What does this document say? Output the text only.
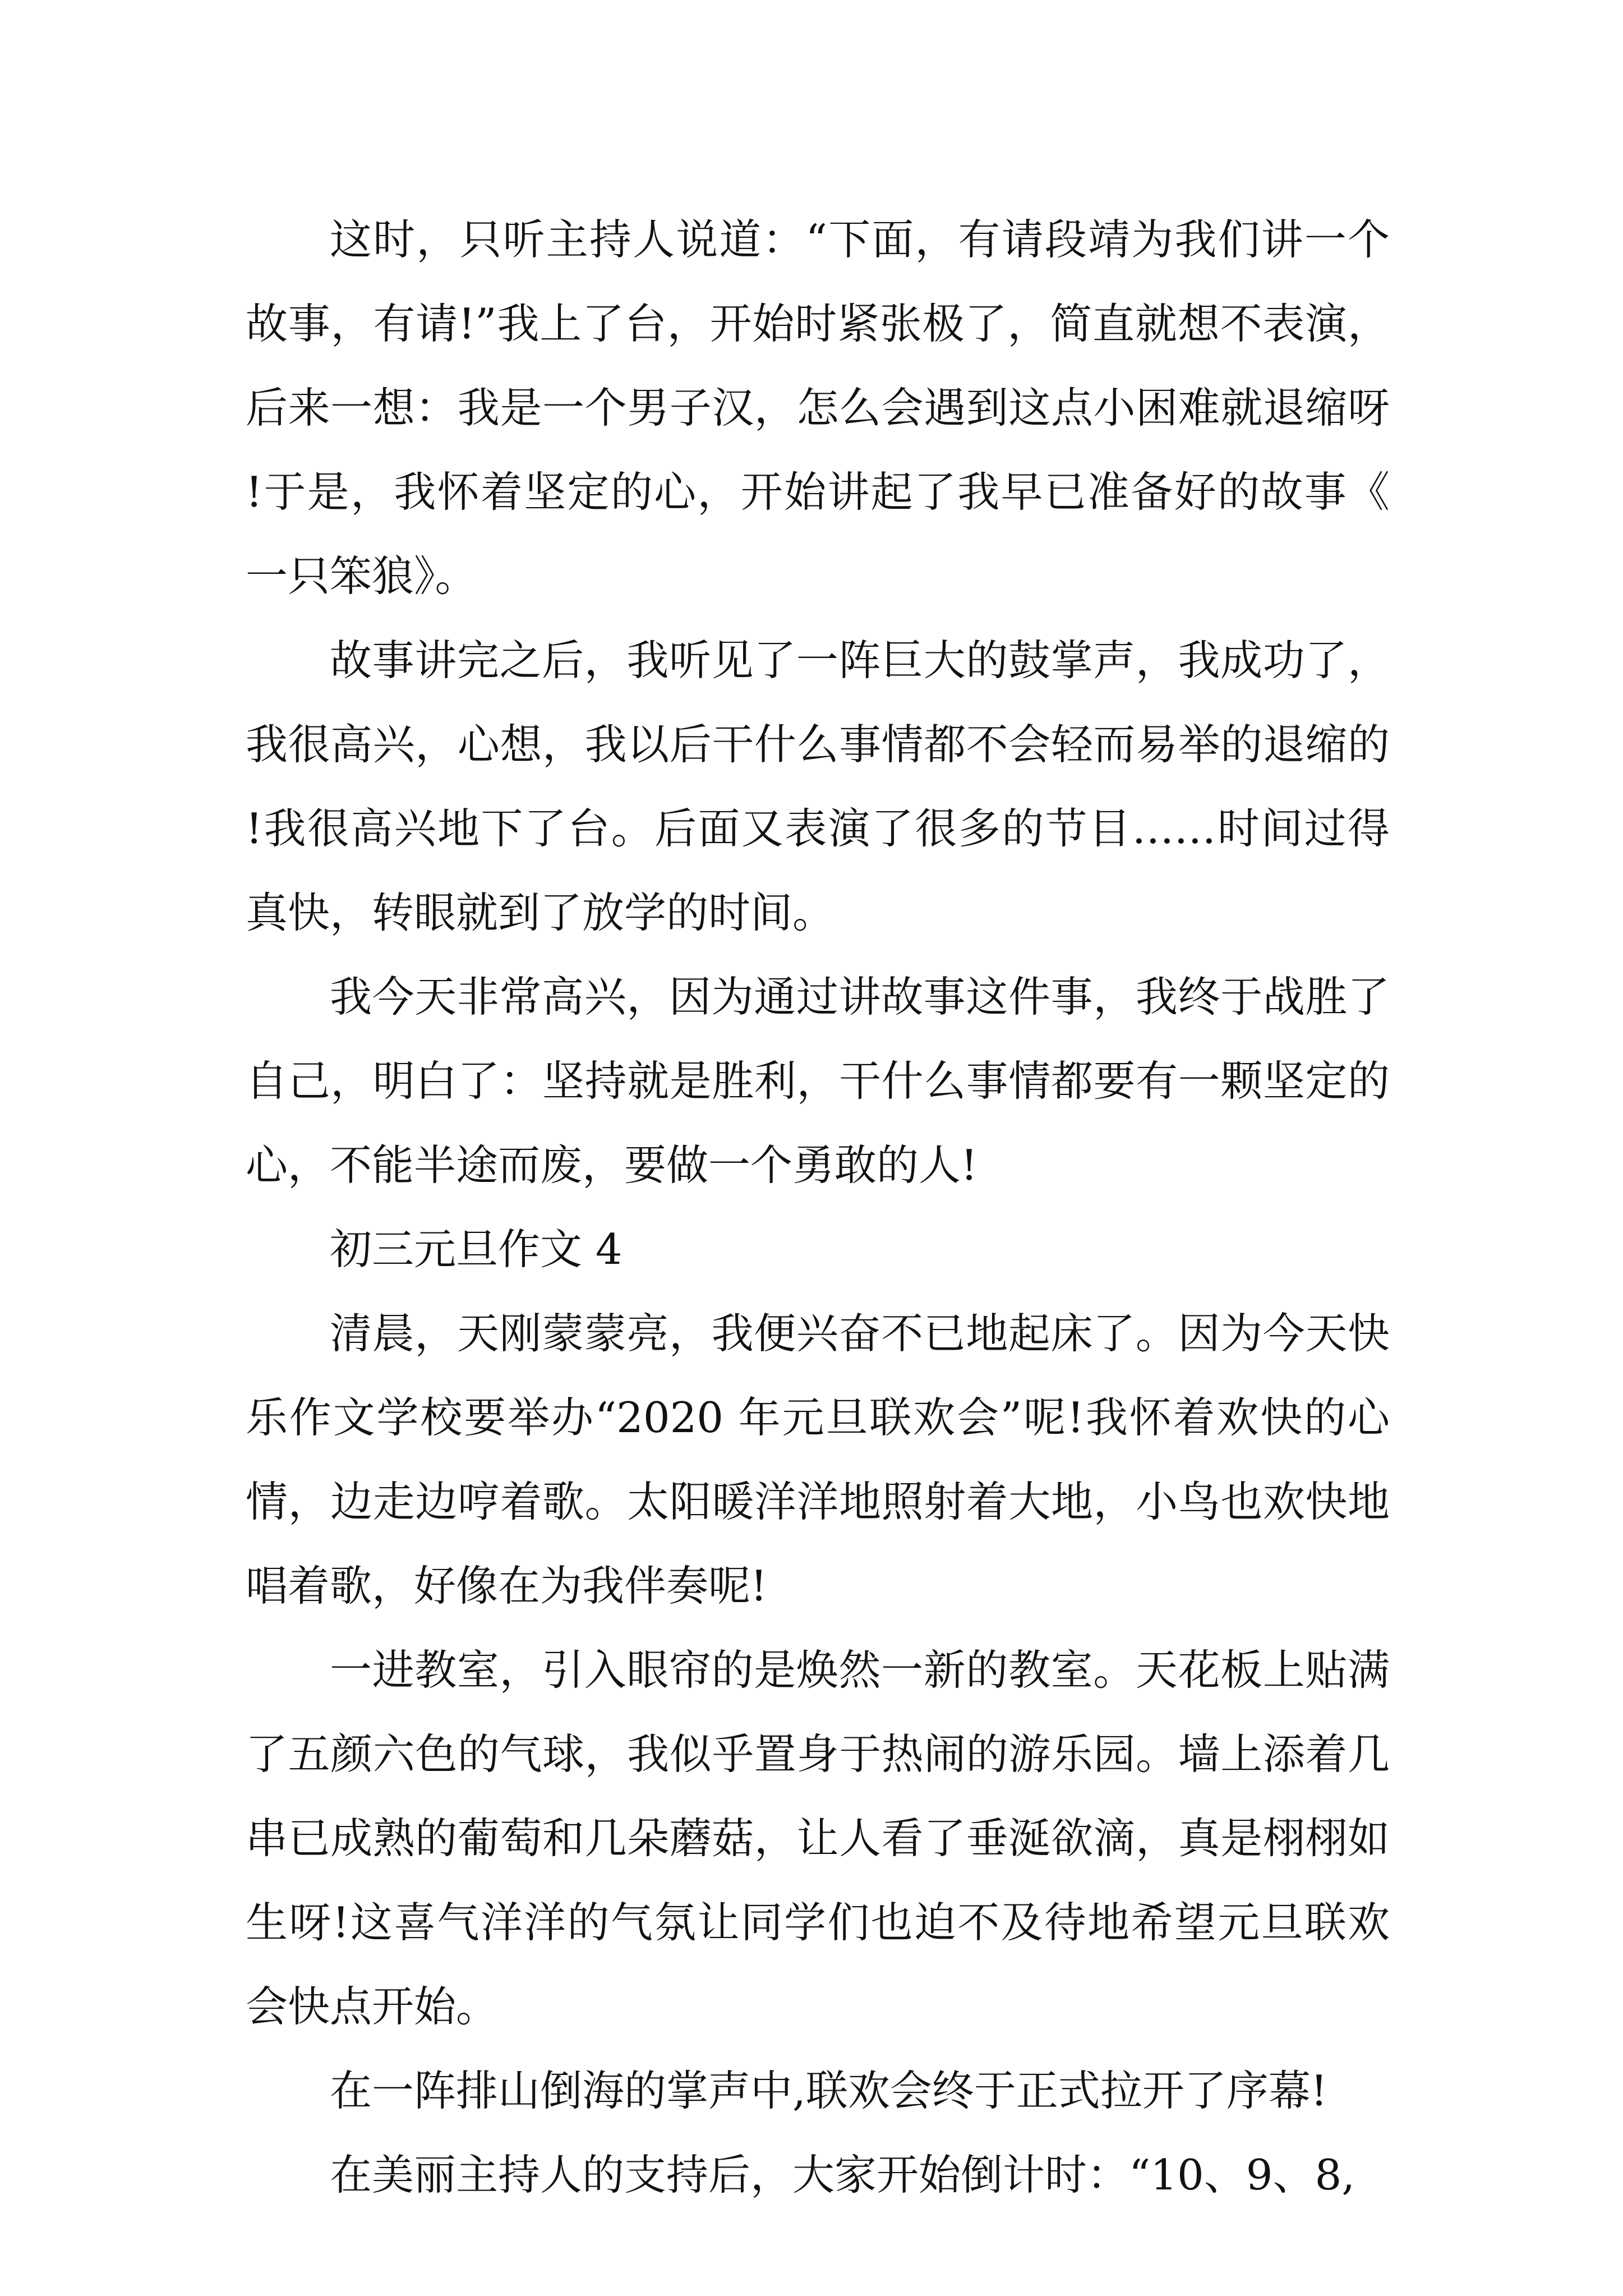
这时，只听主持人说道：“下面，有请段靖为我们讲一个故事，有请!”我上了台，开始时紧张极了，简直就想不表演，后来一想：我是一个男子汉，怎么会遇到这点小困难就退缩呀!于是，我怀着坚定的心，开始讲起了我早已准备好的故事《一只笨狼》。

故事讲完之后，我听见了一阵巨大的鼓掌声，我成功了，我很高兴，心想，我以后干什么事情都不会轻而易举的退缩的!我很高兴地下了台。后面又表演了很多的节目……时间过得真快，转眼就到了放学的时间。

我今天非常高兴，因为通过讲故事这件事，我终于战胜了自己，明白了：坚持就是胜利，干什么事情都要有一颗坚定的心，不能半途而废，要做一个勇敢的人!

初三元旦作文 4

清晨，天刚蒙蒙亮，我便兴奋不已地起床了。因为今天快乐作文学校要举办“2020 年元旦联欢会”呢!我怀着欢快的心情，边走边哼着歌。太阳暖洋洋地照射着大地，小鸟也欢快地唱着歌，好像在为我伴奏呢!

一进教室，引入眼帘的是焕然一新的教室。天花板上贴满了五颜六色的气球，我似乎置身于热闹的游乐园。墙上添着几串已成熟的葡萄和几朵蘑菇，让人看了垂涎欲滴，真是栩栩如生呀!这喜气洋洋的气氛让同学们也迫不及待地希望元旦联欢会快点开始。

在一阵排山倒海的掌声中,联欢会终于正式拉开了序幕!

在美丽主持人的支持后，大家开始倒计时：“10、9、8,
